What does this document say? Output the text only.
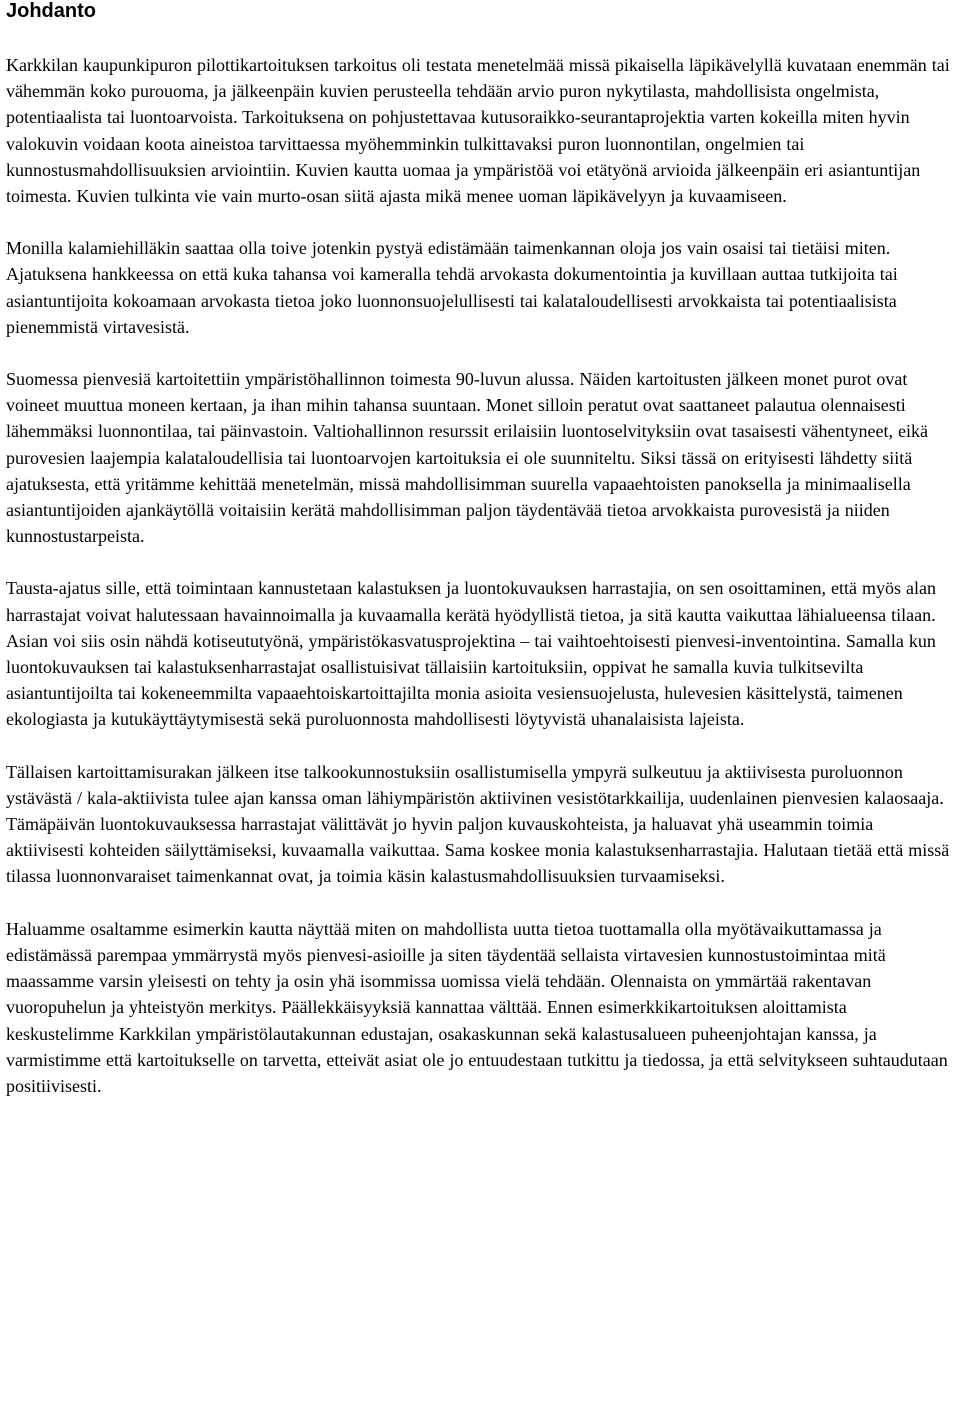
Johdanto

Karkkilan kaupunkipuron pilottikartoituksen tarkoitus oli testata menetelmää missä pikaisella läpikävelyllä kuvataan enemmän tai vähemmän koko purouoma, ja jälkeenpäin kuvien perusteella tehdään arvio puron nykytilasta, mahdollisista ongelmista, potentiaalista tai luontoarvoista. Tarkoituksena on pohjustettavaa kutusoraikko-seurantaprojektia varten kokeilla miten hyvin valokuvin voidaan koota aineistoa tarvittaessa myöhemminkin tulkittavaksi puron luonnontilan, ongelmien tai kunnostusmahdollisuuksien arviointiin. Kuvien kautta uomaa ja ympäristöä voi etätyönä arvioida jälkeenpäin eri asiantuntijan toimesta. Kuvien tulkinta vie vain murto-osan siitä ajasta mikä menee uoman läpikävelyyn ja kuvaamiseen.

Monilla kalamiehilläkin saattaa olla toive jotenkin pystyä edistämään taimenkannan oloja jos vain osaisi tai tietäisi miten. Ajatuksena hankkeessa on että kuka tahansa voi kameralla tehdä arvokasta dokumentointia ja kuvillaan auttaa tutkijoita tai asiantuntijoita kokoamaan arvokasta tietoa joko luonnonsuojelullisesti tai kalataloudellisesti arvokkaista tai potentiaalisista pienemmistä virtavesistä.

Suomessa pienvesiä kartoitettiin ympäristöhallinnon toimesta 90-luvun alussa. Näiden kartoitusten jälkeen monet purot ovat voineet muuttua moneen kertaan, ja ihan mihin tahansa suuntaan. Monet silloin peratut ovat saattaneet palautua olennaisesti lähemmäksi luonnontilaa, tai päinvastoin. Valtiohallinnon resurssit erilaisiin luontoselvityksiin ovat tasaisesti vähentyneet, eikä purovesien laajempia kalataloudellisia tai luontoarvojen kartoituksia ei ole suunniteltu. Siksi tässä on erityisesti lähdetty siitä ajatuksesta, että yritämme kehittää menetelmän, missä mahdollisimman suurella vapaaehtoisten panoksella ja minimaalisella asiantuntijoiden ajankäytöllä voitaisiin kerätä mahdollisimman paljon täydentävää tietoa arvokkaista purovesistä ja niiden kunnostustarpeista.

Tausta-ajatus sille, että toimintaan kannustetaan kalastuksen ja luontokuvauksen harrastajia, on sen osoittaminen, että myös alan harrastajat voivat halutessaan havainnoimalla ja kuvaamalla kerätä hyödyllistä tietoa, ja sitä kautta vaikuttaa lähialueensa tilaan. Asian voi siis osin nähdä kotiseututyönä, ympäristökasvatusprojektina – tai vaihtoehtoisesti pienvesi-inventointina. Samalla kun luontokuvauksen tai kalastuksenharrastajat osallistuisivat tällaisiin kartoituksiin, oppivat he samalla kuvia tulkitsevilta asiantuntijoilta tai kokeneemmilta vapaaehtoiskartoittajilta monia asioita vesiensuojelusta, hulevesien käsittelystä, taimenen ekologiasta ja kutukäyttäytymisestä sekä puroluonnosta mahdollisesti löytyvistä uhanalaisista lajeista.

Tällaisen kartoittamisurakan jälkeen itse talkookunnostuksiin osallistumisella ympyrä sulkeutuu ja aktiivisesta puroluonnon ystävästä / kala-aktiivista tulee ajan kanssa oman lähiympäristön aktiivinen vesistötarkkailija, uudenlainen pienvesien kalaosaaja. Tämäpäivän luontokuvauksessa harrastajat välittävät jo hyvin paljon kuvauskohteista, ja haluavat yhä useammin toimia aktiivisesti kohteiden säilyttämiseksi, kuvaamalla vaikuttaa. Sama koskee monia kalastuksenharrastajia. Halutaan tietää että missä tilassa luonnonvaraiset taimenkannat ovat, ja toimia käsin kalastusmahdollisuuksien turvaamiseksi.

Haluamme osaltamme esimerkin kautta näyttää miten on mahdollista uutta tietoa tuottamalla olla myötävaikuttamassa ja edistämässä parempaa ymmärrystä myös pienvesi-asioille ja siten täydentää sellaista virtavesien kunnostustoimintaa mitä maassamme varsin yleisesti on tehty ja osin yhä isommissa uomissa vielä tehdään. Olennaista on ymmärtää rakentavan vuoropuhelun ja yhteistyön merkitys. Päällekkäisyyksiä kannattaa välttää. Ennen esimerkkikartoituksen aloittamista keskustelimme Karkkilan ympäristölautakunnan edustajan, osakaskunnan sekä kalastusalueen puheenjohtajan kanssa, ja varmistimme että kartoitukselle on tarvetta, etteivät asiat ole jo entuudestaan tutkittu ja tiedossa, ja että selvitykseen suhtaudutaan positiivisesti.
